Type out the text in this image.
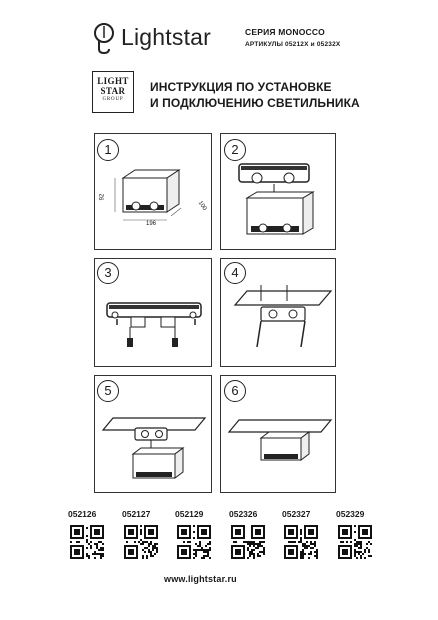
Lightstar	СЕРИЯ MONOCCO
АРТИКУЛЫ 05212X и 05232X
LIGHT
STAR
GROUP
ИНСТРУКЦИЯ ПО УСТАНОВКЕ
И ПОДКЛЮЧЕНИЮ СВЕТИЛЬНИКА
1
92
196
100
2
3	4
5	6
052126	052127	052129	052326	052327	052329
www.lightstar.ru
